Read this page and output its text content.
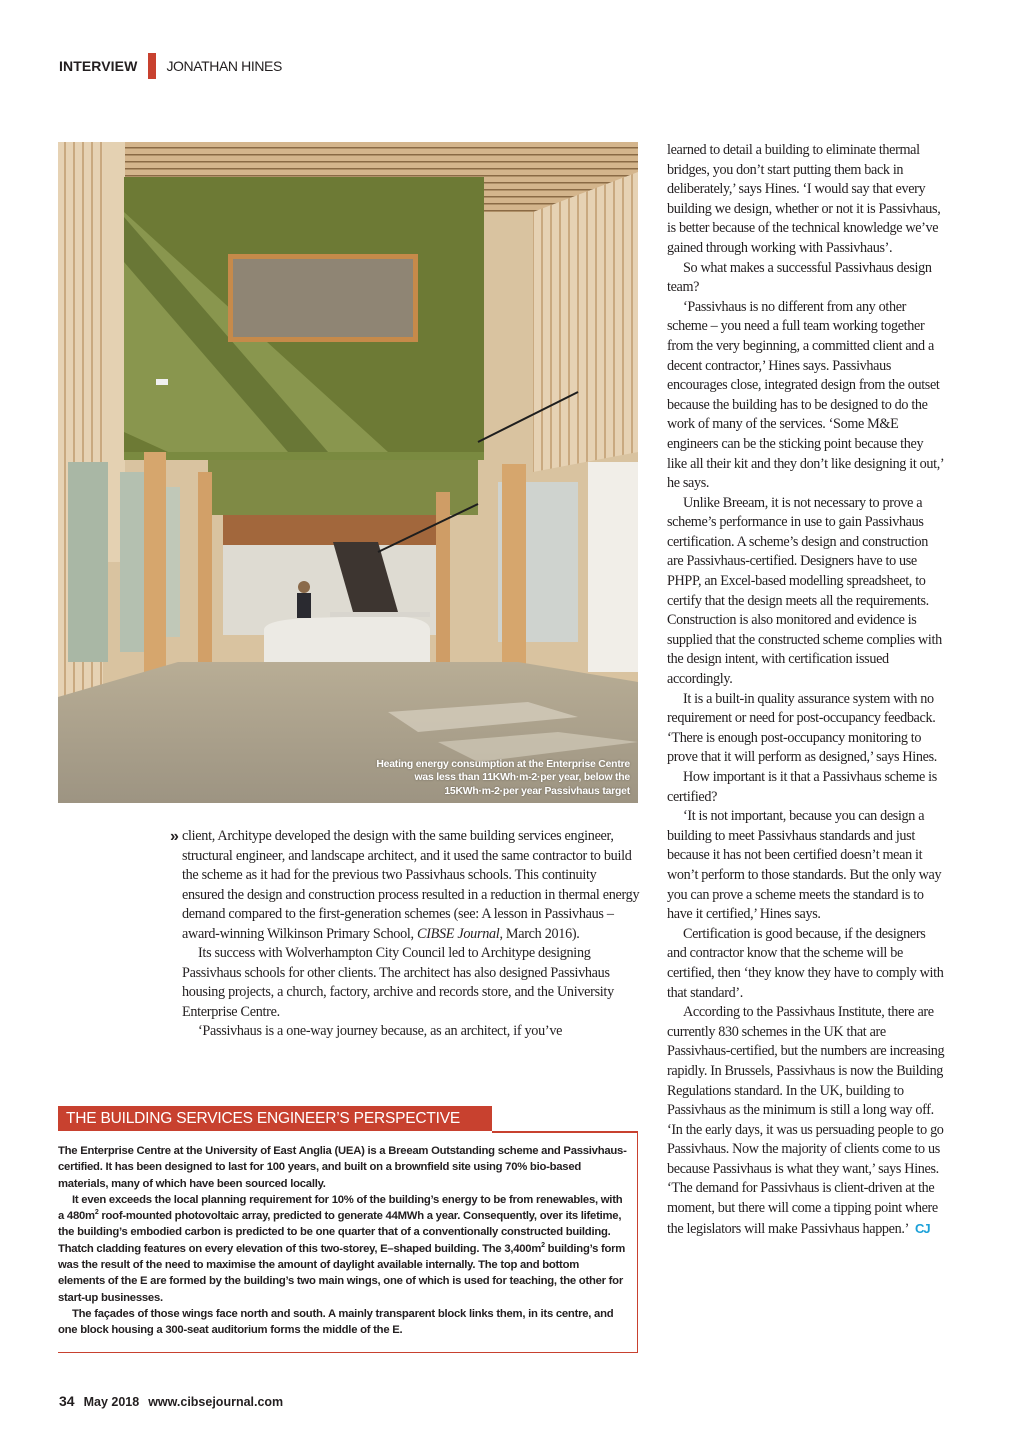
INTERVIEW JONATHAN HINES
Heating energy consumption at the Enterprise Centre was less than 11KWh·m-2·per year, below the 15KWh·m-2·per year Passivhaus target

» client, Architype developed the design with the same building services engineer, structural engineer, and landscape architect, and it used the same contractor to build the scheme as it had for the previous two Passivhaus schools. This continuity ensured the design and construction process resulted in a reduction in thermal energy demand compared to the first-generation schemes (see: A lesson in Passivhaus – award-winning Wilkinson Primary School, CIBSE Journal, March 2016).

Its success with Wolverhampton City Council led to Architype designing Passivhaus schools for other clients. The architect has also designed Passivhaus housing projects, a church, factory, archive and records store, and the University Enterprise Centre.

‘Passivhaus is a one-way journey because, as an architect, if you’ve

learned to detail a building to eliminate thermal bridges, you don’t start putting them back in deliberately,’ says Hines. ‘I would say that every building we design, whether or not it is Passivhaus, is better because of the technical knowledge we’ve gained through working with Passivhaus’.

So what makes a successful Passivhaus design team?

‘Passivhaus is no different from any other scheme – you need a full team working together from the very beginning, a committed client and a decent contractor,’ Hines says. Passivhaus encourages close, integrated design from the outset because the building has to be designed to do the work of many of the services. ‘Some M&E engineers can be the sticking point because they like all their kit and they don’t like designing it out,’ he says.

Unlike Breeam, it is not necessary to prove a scheme’s performance in use to gain Passivhaus certification. A scheme’s design and construction are Passivhaus-certified. Designers have to use PHPP, an Excel-based modelling spreadsheet, to certify that the design meets all the requirements. Construction is also monitored and evidence is supplied that the constructed scheme complies with the design intent, with certification issued accordingly.

It is a built-in quality assurance system with no requirement or need for post-occupancy feedback. ‘There is enough post-occupancy monitoring to prove that it will perform as designed,’ says Hines.

How important is it that a Passivhaus scheme is certified?

‘It is not important, because you can design a building to meet Passivhaus standards and just because it has not been certified doesn’t mean it won’t perform to those standards. But the only way you can prove a scheme meets the standard is to have it certified,’ Hines says.

Certification is good because, if the designers and contractor know that the scheme will be certified, then ‘they know they have to comply with that standard’.

According to the Passivhaus Institute, there are currently 830 schemes in the UK that are Passivhaus-certified, but the numbers are increasing rapidly. In Brussels, Passivhaus is now the Building Regulations standard. In the UK, building to Passivhaus as the minimum is still a long way off. ‘In the early days, it was us persuading people to go Passivhaus. Now the majority of clients come to us because Passivhaus is what they want,’ says Hines. ‘The demand for Passivhaus is client-driven at the moment, but there will come a tipping point where the legislators will make Passivhaus happen.’ CJ

THE BUILDING SERVICES ENGINEER’S PERSPECTIVE

The Enterprise Centre at the University of East Anglia (UEA) is a Breeam Outstanding scheme and Passivhaus-certified. It has been designed to last for 100 years, and built on a brownfield site using 70% bio-based materials, many of which have been sourced locally.

It even exceeds the local planning requirement for 10% of the building’s energy to be from renewables, with a $480m^2$ roof-mounted photovoltaic array, predicted to generate 44MWh a year. Consequently, over its lifetime, the building’s embodied carbon is predicted to be one quarter that of a conventionally constructed building. Thatch cladding features on every elevation of this two-storey, E–shaped building. The $3,400m^2$ building’s form was the result of the need to maximise the amount of daylight available internally. The top and bottom elements of the E are formed by the building’s two main wings, one of which is used for teaching, the other for start-up businesses.

The façades of those wings face north and south. A mainly transparent block links them, in its centre, and one block housing a 300-seat auditorium forms the middle of the E.

34 May 2018 www.cibsejournal.com
